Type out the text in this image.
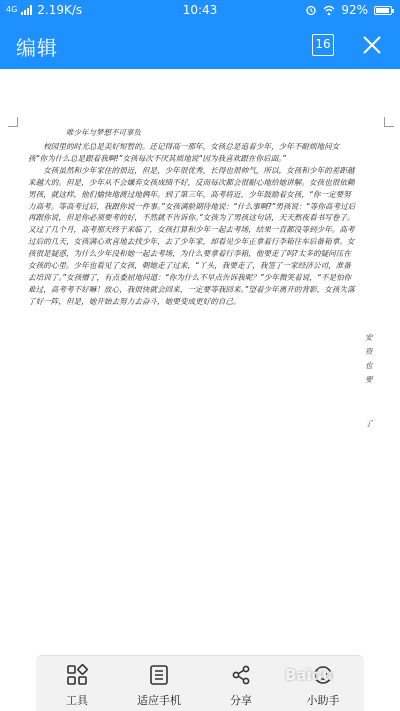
4G 2.19K/s	10:43	92%
编辑	16
唯少年与梦想不可辜负

校园里的时光总是美好短暂的。还记得高一那年，女孩总是追着少年，少年不耐烦地问女孩“你为什么总是跟着我啊!”女孩每次不厌其烦地说“因为我喜欢跟在你后面。”

女孩虽然和少年家住的很近，但是，少年很优秀，长得也很帅气，所以，女孩和少年的差距越来越大的。但是，少年从不会嫌弃女孩成绩不好，反而每次都会很耐心地给她讲解。女孩也很依赖男孩，就这样，他们愉快地渡过地俩年。到了第三年，高考将近，少年鼓励着女孩，“你一定要努力高考。等高考过后，我跟你说一件事。”女孩满脸期待地说：“什么事啊?”男孩说：“等你高考过后再跟你说，但是你必须要考的好，不然就不告诉你。”女孩为了男孩这句话，天天熬夜看书写卷子。又过了几个月，高考那天终于来临了，女孩打算和少年一起去考场，结果一直都没等到少年。高考过后的几天，女孩满心欢喜地去找少年，去了少年家，却看见少年正拿着行李箱往车后备箱拿。女孩很是疑惑，为什么少年没和她一起去考场，为什么要拿着行李箱，他要走了吗?太多的疑问压在女孩的心里。少年也看见了女孩，朝她走了过来，“丫头，我要走了，我签了一家经济公司，准备去培训了。”女孩懵了，有点委屈地问道：“你为什么不早点告诉我呢？”少年微笑着说，“不是怕你难过，高考考不好嘛！放心，我很快就会回来，一定要等我回来。”望着少年离开的背影，女孩失落了好一阵，但是，她开始去努力去奋斗，她要变成更好的自己。

安
资
也
要
了
工具	适应手机	分享	小助手
Baidu
